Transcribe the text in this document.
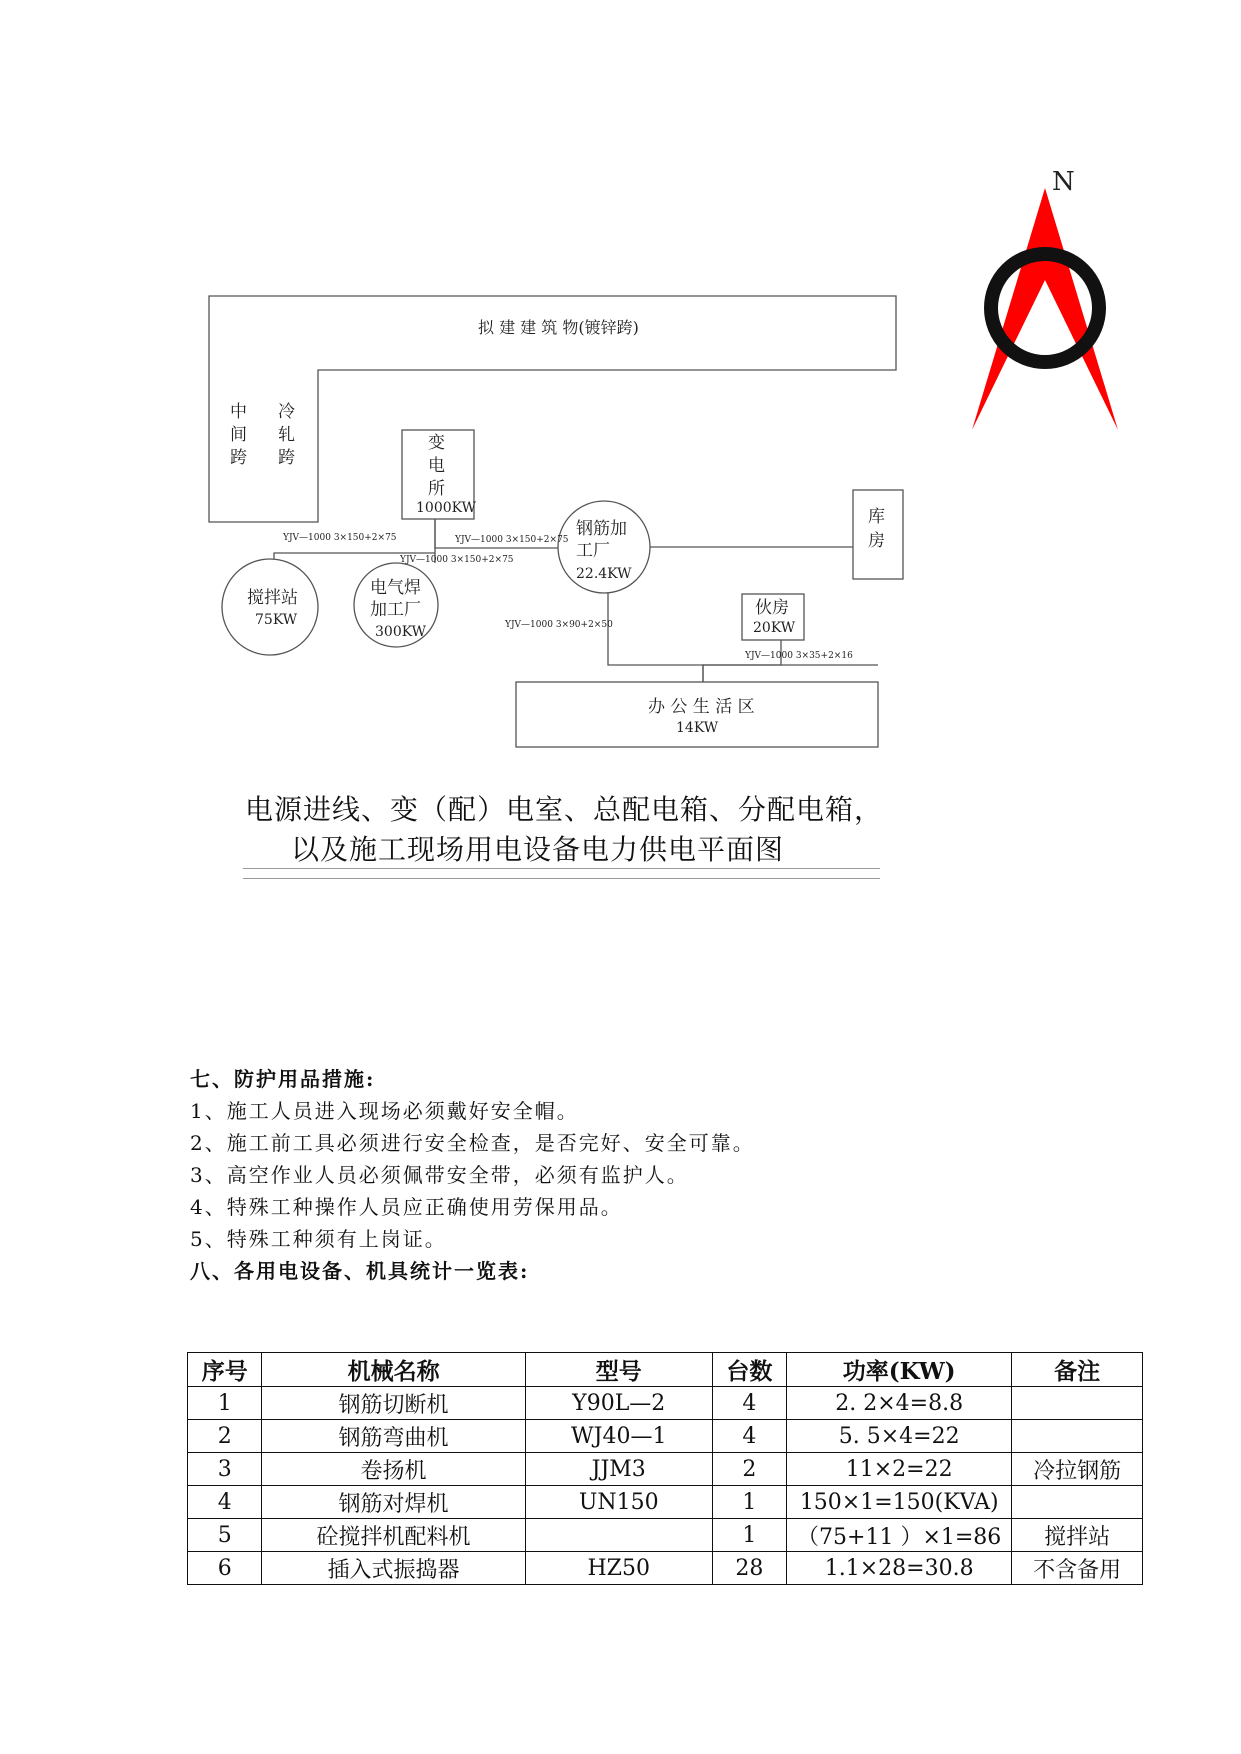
N
拟 建 建 筑 物(镀锌跨)
中
间
跨
冷
轧
跨
变
电
所
库
房
钢筋加
工厂
搅拌站	电气焊
加工厂	伙房
办 公 生 活 区
1000KW
22.4KW
75KW
300KW	20KW
14KW
YJV—1000 3×150+2×75
YJV—1000 3×150+2×75
YJV—1000 3×150+2×75
YJV—1000 3×90+2×50
YJV—1000 3×35+2×16
电源进线、变（配）电室、总配电箱、分配电箱，
以及施工现场用电设备电力供电平面图
七、防护用品措施:
1、施工人员进入现场必须戴好安全帽。
2、施工前工具必须进行安全检查，是否完好、安全可靠。
3、高空作业人员必须佩带安全带，必须有监护人。
4、特殊工种操作人员应正确使用劳保用品。
5、特殊工种须有上岗证。
八、各用电设备、机具统计一览表:
序号	机械名称	型号	台数	功率(KW)	备注
1	钢筋切断机	Y90L—2	4	2. 2×4=8.8	
2	钢筋弯曲机	WJ40—1	4	5. 5×4=22	
3	卷扬机	JJM3	2	11×2=22	冷拉钢筋
4	钢筋对焊机	UN150	1	150×1=150(KVA)	
5	砼搅拌机配料机		1	（75+11 ）×1=86	搅拌站
6	插入式振捣器	HZ50	28	1.1×28=30.8	不含备用
